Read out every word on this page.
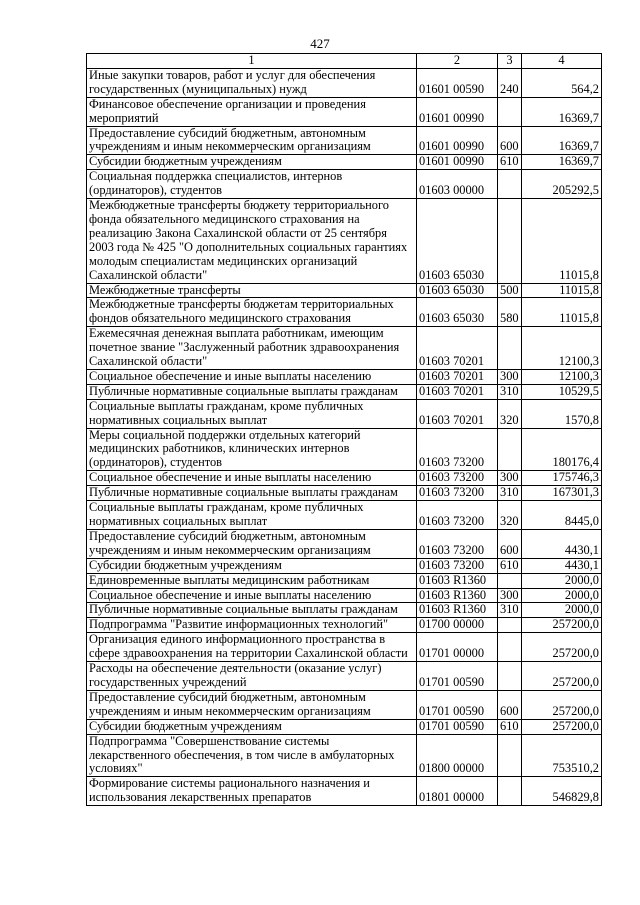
427
1	2	3	4
Иные закупки товаров, работ и услуг для обеспечения государственных (муниципальных) нужд	01601 00590	240	564,2
Финансовое обеспечение организации и проведения мероприятий	01601 00990		16369,7
Предоставление субсидий бюджетным, автономным учреждениям и иным некоммерческим организациям	01601 00990	600	16369,7
Субсидии бюджетным учреждениям	01601 00990	610	16369,7
Социальная поддержка специалистов, интернов (ординаторов), студентов	01603 00000		205292,5
Межбюджетные трансферты бюджету территориального фонда обязательного медицинского страхования на реализацию Закона Сахалинской области от 25 сентября 2003 года № 425 "О дополнительных социальных гарантиях молодым специалистам медицинских организаций Сахалинской области"	01603 65030		11015,8
Межбюджетные трансферты	01603 65030	500	11015,8
Межбюджетные трансферты бюджетам территориальных фондов обязательного медицинского страхования	01603 65030	580	11015,8
Ежемесячная денежная выплата работникам, имеющим почетное звание "Заслуженный работник здравоохранения Сахалинской области"	01603 70201		12100,3
Социальное обеспечение и иные выплаты населению	01603 70201	300	12100,3
Публичные нормативные социальные выплаты гражданам	01603 70201	310	10529,5
Социальные выплаты гражданам, кроме публичных нормативных социальных выплат	01603 70201	320	1570,8
Меры социальной поддержки отдельных категорий медицинских работников, клинических интернов (ординаторов), студентов	01603 73200		180176,4
Социальное обеспечение и иные выплаты населению	01603 73200	300	175746,3
Публичные нормативные социальные выплаты гражданам	01603 73200	310	167301,3
Социальные выплаты гражданам, кроме публичных нормативных социальных выплат	01603 73200	320	8445,0
Предоставление субсидий бюджетным, автономным учреждениям и иным некоммерческим организациям	01603 73200	600	4430,1
Субсидии бюджетным учреждениям	01603 73200	610	4430,1
Единовременные выплаты медицинским работникам	01603 R1360		2000,0
Социальное обеспечение и иные выплаты населению	01603 R1360	300	2000,0
Публичные нормативные социальные выплаты гражданам	01603 R1360	310	2000,0
Подпрограмма "Развитие информационных технологий"	01700 00000		257200,0
Организация единого информационного пространства в сфере здравоохранения на территории Сахалинской области	01701 00000		257200,0
Расходы на обеспечение деятельности (оказание услуг) государственных учреждений	01701 00590		257200,0
Предоставление субсидий бюджетным, автономным учреждениям и иным некоммерческим организациям	01701 00590	600	257200,0
Субсидии бюджетным учреждениям	01701 00590	610	257200,0
Подпрограмма "Совершенствование системы лекарственного обеспечения, в том числе в амбулаторных условиях"	01800 00000		753510,2
Формирование системы рационального назначения и использования лекарственных препаратов	01801 00000		546829,8
